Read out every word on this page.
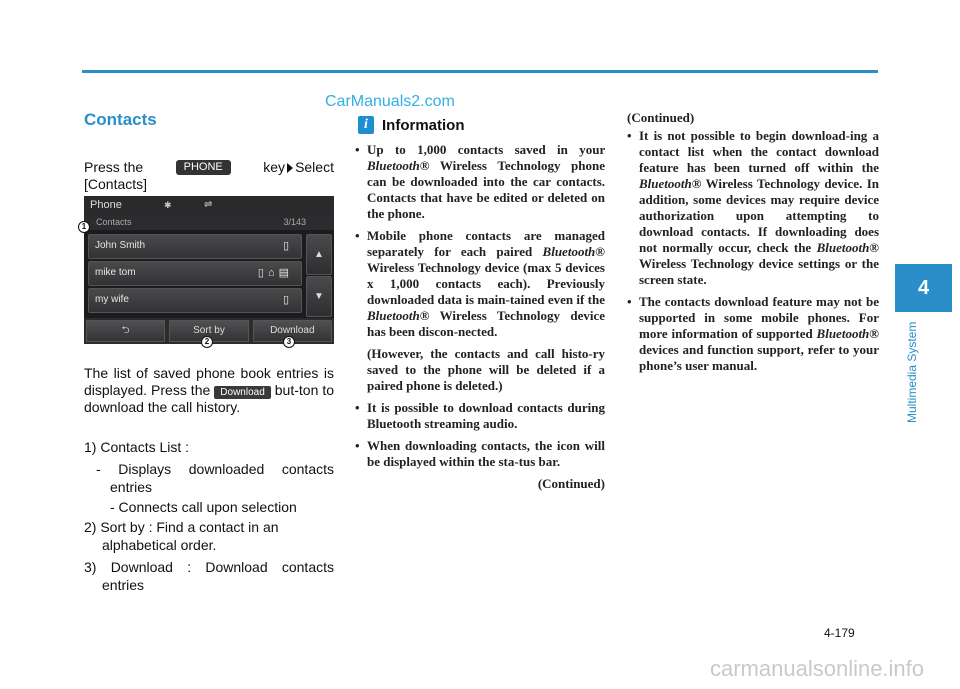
CarManuals2.com
Contacts
Press the	PHONE	key Select
[Contacts]
Phone	✱	⇌
Contacts	3/143
John Smith	▯
mike tom	▯⌂▤
my wife	▯
▲
▼
⮌	Sort by	Download
1
2	3
The list of saved phone book entries is displayed. Press the Download but-ton to download the call history.
1) Contacts List :
- Displays downloaded contacts entries
- Connects call upon selection
2) Sort by : Find a contact in an alphabetical order.
3) Download : Download contacts entries
i Information
• Up to 1,000 contacts saved in your Bluetooth® Wireless Technology phone can be downloaded into the car contacts. Contacts that have be edited or deleted on the phone.
• Mobile phone contacts are managed separately for each paired Bluetooth® Wireless Technology device (max 5 devices x 1,000 contacts each). Previously downloaded data is main-tained even if the Bluetooth® Wireless Technology device has been discon-nected.
(However, the contacts and call histo-ry saved to the phone will be deleted if a paired phone is deleted.)
• It is possible to download contacts during Bluetooth streaming audio.
• When downloading contacts, the icon will be displayed within the sta-tus bar.
(Continued)
(Continued)
• It is not possible to begin download-ing a contact list when the contact download feature has been turned off within the Bluetooth® Wireless Technology device. In addition, some devices may require device authorization upon attempting to download contacts. If downloading does not normally occur, check the Bluetooth® Wireless Technology device settings or the screen state.
• The contacts download feature may not be supported in some mobile phones. For more information of supported Bluetooth® devices and function support, refer to your phone’s user manual.
4
Multimedia System
4-179
carmanualsonline.info
